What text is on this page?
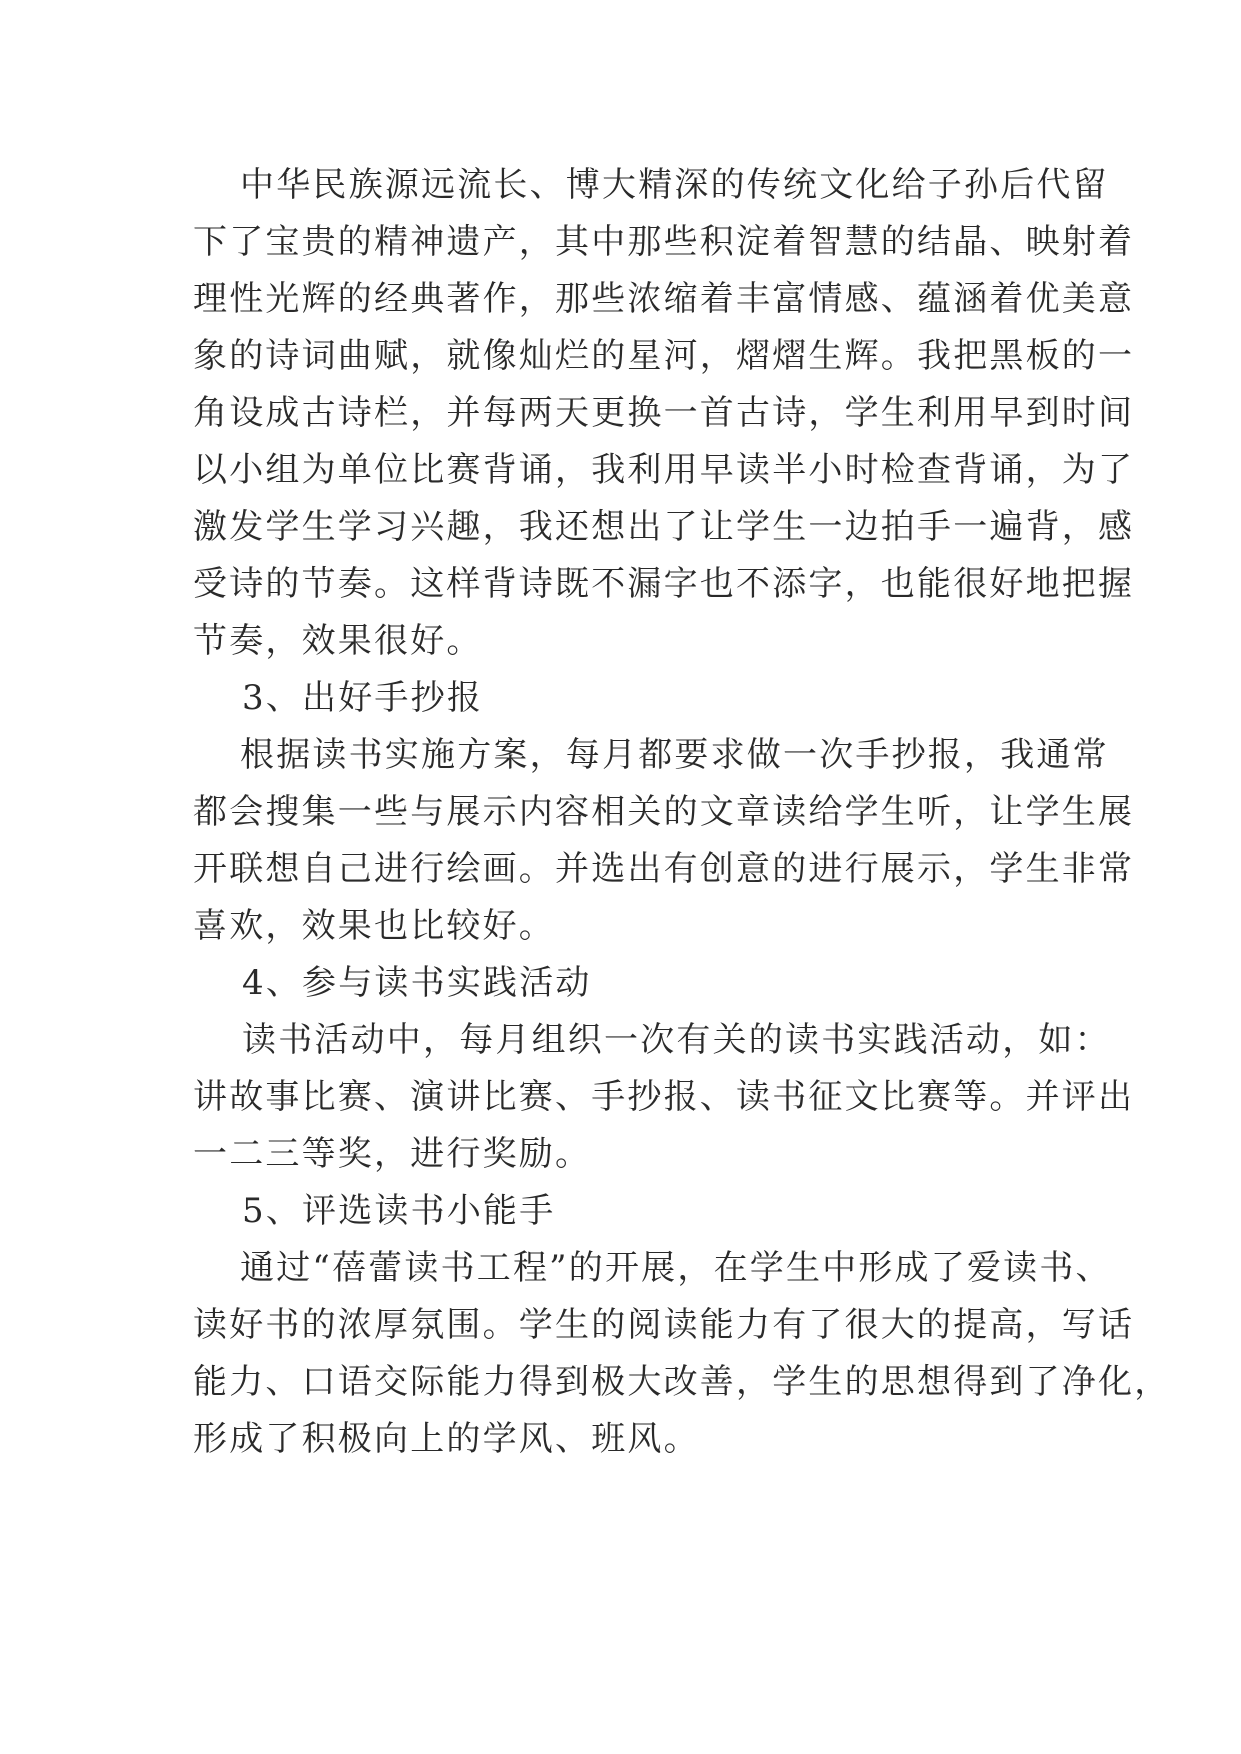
中华民族源远流长、博大精深的传统文化给子孙后代留
下了宝贵的精神遗产，其中那些积淀着智慧的结晶、映射着
理性光辉的经典著作，那些浓缩着丰富情感、蕴涵着优美意
象的诗词曲赋，就像灿烂的星河，熠熠生辉。我把黑板的一
角设成古诗栏，并每两天更换一首古诗，学生利用早到时间
以小组为单位比赛背诵，我利用早读半小时检查背诵，为了
激发学生学习兴趣，我还想出了让学生一边拍手一遍背，感
受诗的节奏。这样背诗既不漏字也不添字，也能很好地把握
节奏，效果很好。
3、出好手抄报
根据读书实施方案，每月都要求做一次手抄报，我通常
都会搜集一些与展示内容相关的文章读给学生听，让学生展
开联想自己进行绘画。并选出有创意的进行展示，学生非常
喜欢，效果也比较好。
4、参与读书实践活动
读书活动中，每月组织一次有关的读书实践活动，如：
讲故事比赛、演讲比赛、手抄报、读书征文比赛等。并评出
一二三等奖，进行奖励。
5、评选读书小能手
通过“蓓蕾读书工程”的开展，在学生中形成了爱读书、
读好书的浓厚氛围。学生的阅读能力有了很大的提高，写话
能力、口语交际能力得到极大改善，学生的思想得到了净化，
形成了积极向上的学风、班风。
